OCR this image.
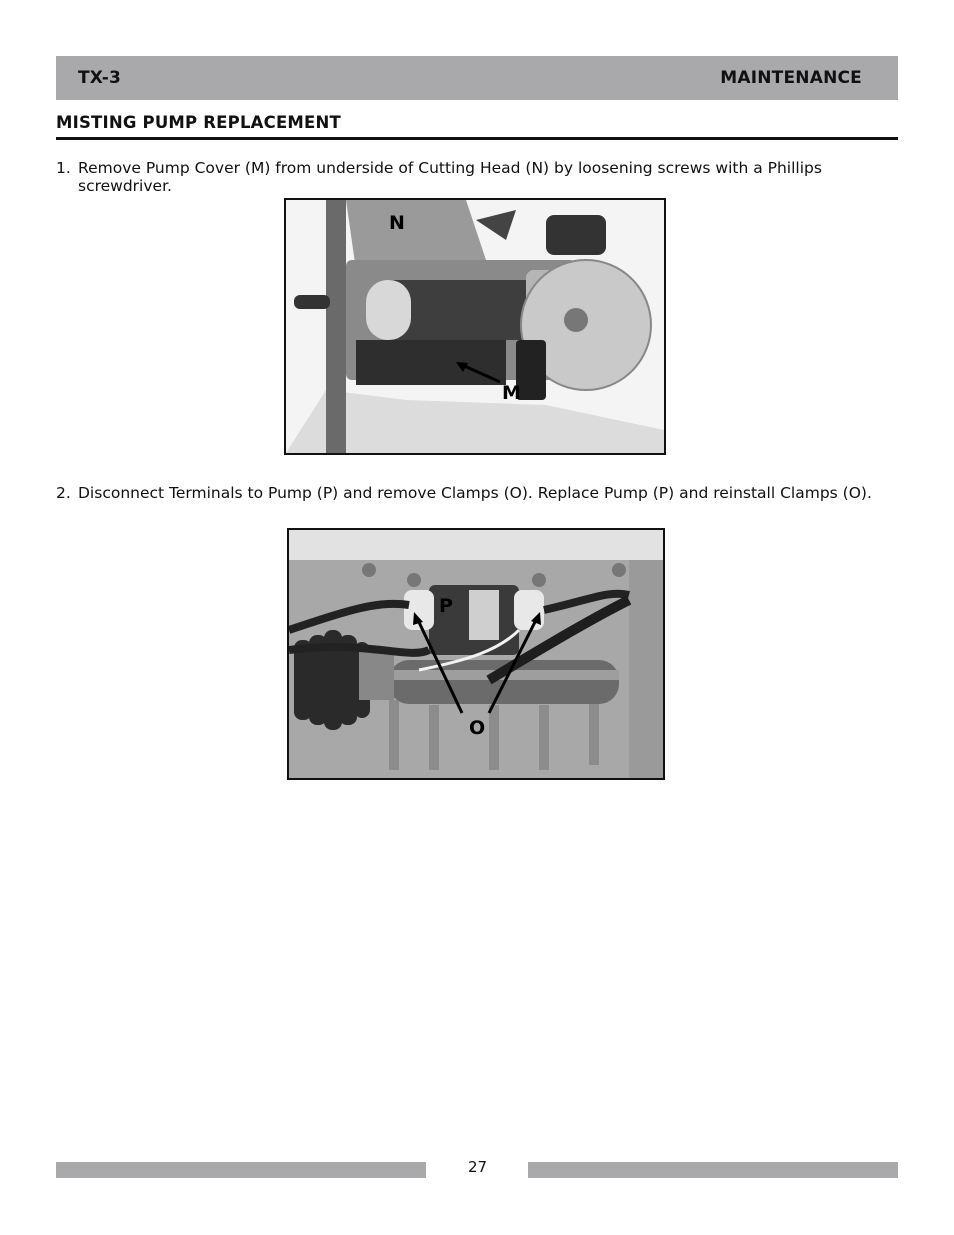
TX-3	MAINTENANCE
MISTING PUMP REPLACEMENT
1. Remove Pump Cover (M) from underside of Cutting Head (N) by loosening screws with a Phillips screwdriver.
N
M
2. Disconnect Terminals to Pump (P) and remove Clamps (O). Replace Pump (P) and reinstall Clamps (O).
P
O
27
